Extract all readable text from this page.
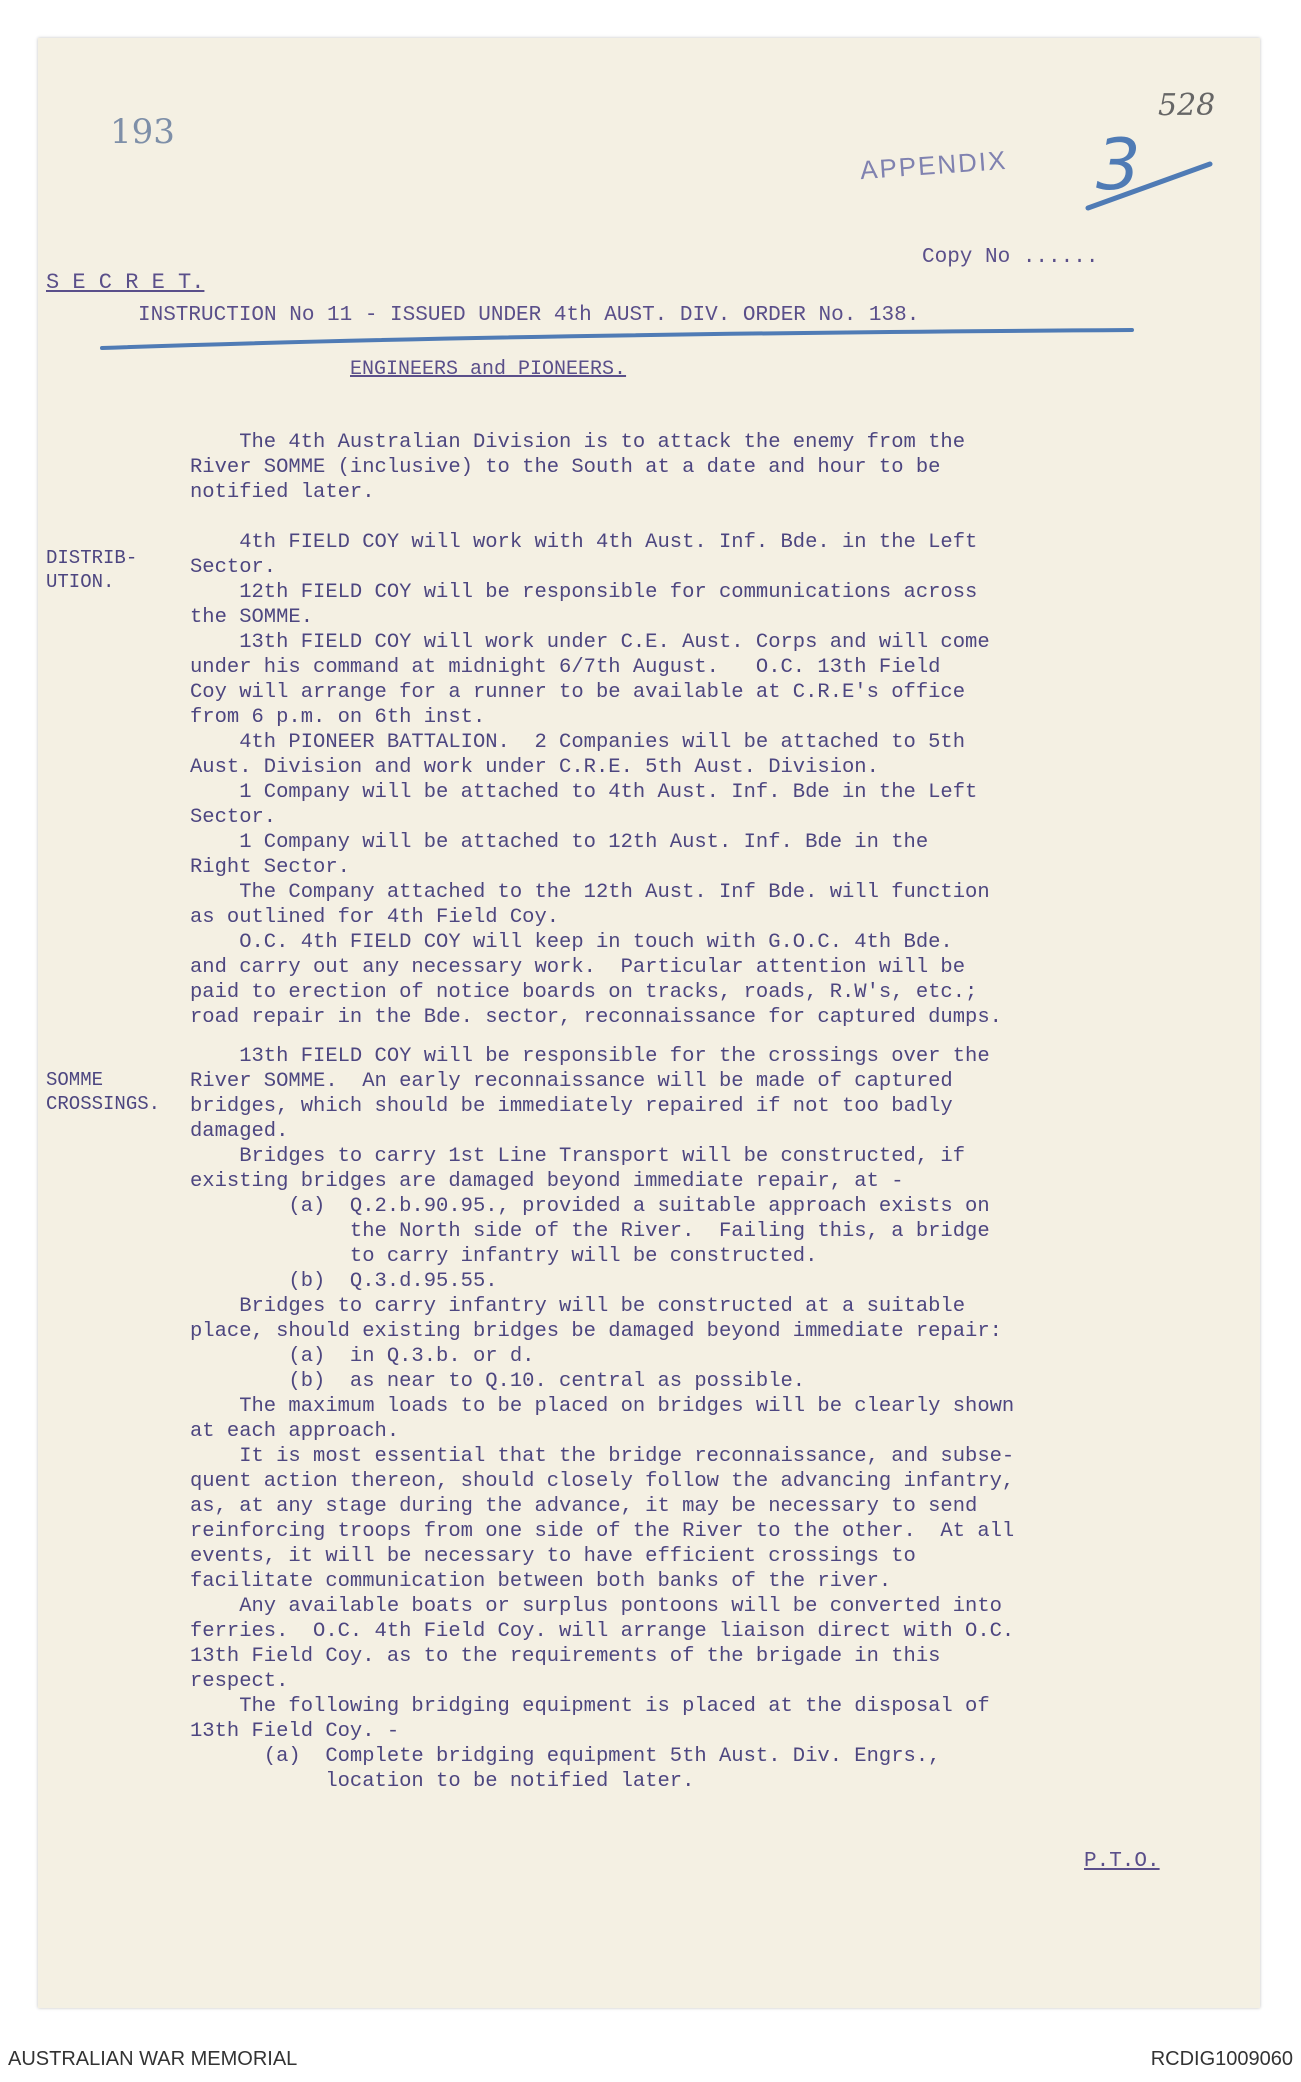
193
528
APPENDIX 3
Copy No ......
S E C R E T.
INSTRUCTION No 11 - ISSUED UNDER 4th AUST. DIV. ORDER No. 138.
ENGINEERS and PIONEERS.
The 4th Australian Division is to attack the enemy from the
River SOMME (inclusive) to the South at a date and hour to be
notified later.
DISTRIB-
UTION.
4th FIELD COY will work with 4th Aust. Inf. Bde. in the Left
Sector.
12th FIELD COY will be responsible for communications across
the SOMME.
13th FIELD COY will work under C.E. Aust. Corps and will come
under his command at midnight 6/7th August.   O.C. 13th Field
Coy will arrange for a runner to be available at C.R.E's office
from 6 p.m. on 6th inst.
4th PIONEER BATTALION.  2 Companies will be attached to 5th
Aust. Division and work under C.R.E. 5th Aust. Division.
1 Company will be attached to 4th Aust. Inf. Bde in the Left
Sector.
1 Company will be attached to 12th Aust. Inf. Bde in the
Right Sector.
The Company attached to the 12th Aust. Inf Bde. will function
as outlined for 4th Field Coy.
O.C. 4th FIELD COY will keep in touch with G.O.C. 4th Bde.
and carry out any necessary work.  Particular attention will be
paid to erection of notice boards on tracks, roads, R.W's, etc.;
road repair in the Bde. sector, reconnaissance for captured dumps.
SOMME
CROSSINGS.
13th FIELD COY will be responsible for the crossings over the
River SOMME.  An early reconnaissance will be made of captured
bridges, which should be immediately repaired if not too badly
damaged.
Bridges to carry 1st Line Transport will be constructed, if
existing bridges are damaged beyond immediate repair, at -
(a)  Q.2.b.90.95., provided a suitable approach exists on
the North side of the River.  Failing this, a bridge
to carry infantry will be constructed.
(b)  Q.3.d.95.55.
Bridges to carry infantry will be constructed at a suitable
place, should existing bridges be damaged beyond immediate repair:
(a)  in Q.3.b. or d.
(b)  as near to Q.10. central as possible.
The maximum loads to be placed on bridges will be clearly shown
at each approach.
It is most essential that the bridge reconnaissance, and subse-
quent action thereon, should closely follow the advancing infantry,
as, at any stage during the advance, it may be necessary to send
reinforcing troops from one side of the River to the other.  At all
events, it will be necessary to have efficient crossings to
facilitate communication between both banks of the river.
Any available boats or surplus pontoons will be converted into
ferries.  O.C. 4th Field Coy. will arrange liaison direct with O.C.
13th Field Coy. as to the requirements of the brigade in this
respect.
The following bridging equipment is placed at the disposal of
13th Field Coy. -
(a)  Complete bridging equipment 5th Aust. Div. Engrs.,
location to be notified later.
P.T.O.
AUSTRALIAN WAR MEMORIAL	RCDIG1009060
